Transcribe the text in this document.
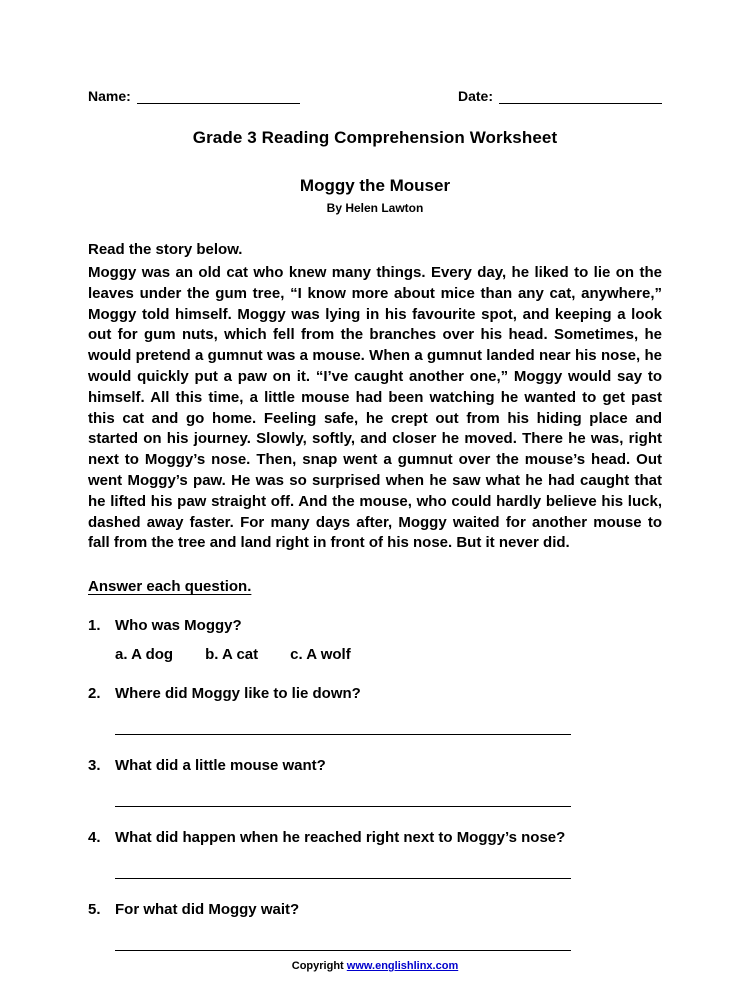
Name:	Date:
Grade 3 Reading Comprehension Worksheet
Moggy the Mouser
By Helen Lawton
Read the story below.
Moggy was an old cat who knew many things. Every day, he liked to lie on the leaves under the gum tree, “I know more about mice than any cat, anywhere,” Moggy told himself. Moggy was lying in his favourite spot, and keeping a look out for gum nuts, which fell from the branches over his head. Sometimes, he would pretend a gumnut was a mouse. When a gumnut landed near his nose, he would quickly put a paw on it. “I’ve caught another one,” Moggy would say to himself. All this time, a little mouse had been watching he wanted to get past this cat and go home. Feeling safe, he crept out from his hiding place and started on his journey. Slowly, softly, and closer he moved. There he was, right next to Moggy’s nose. Then, snap went a gumnut over the mouse’s head. Out went Moggy’s paw. He was so surprised when he saw what he had caught that he lifted his paw straight off. And the mouse, who could hardly believe his luck, dashed away faster. For many days after, Moggy waited for another mouse to fall from the tree and land right in front of his nose. But it never did.
Answer each question.
1. Who was Moggy?
a. A dog b. A cat c. A wolf
2. Where did Moggy like to lie down?
3. What did a little mouse want?
4. What did happen when he reached right next to Moggy’s nose?
5. For what did Moggy wait?
Copyright www.englishlinx.com
